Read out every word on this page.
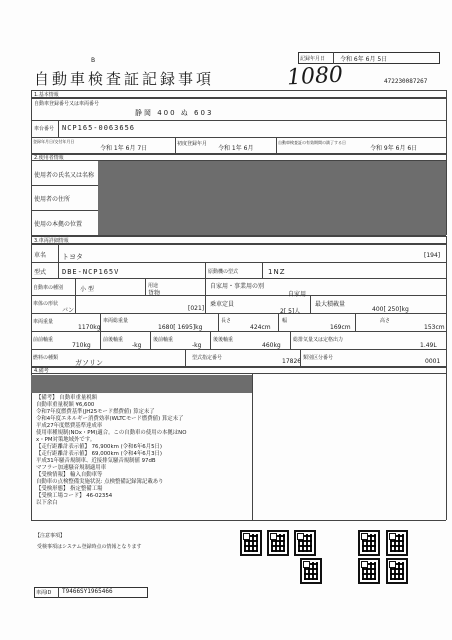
B
自動車検査証記録事項	1080
記録年月日 令和 6年 6月 5日
472230087267
1.基本情報
自動車登録番号又は車両番号
静岡 400 ぬ 603
車台番号 NCP165-0063656
登録年月日/交付年月日
令和 1年 6月 7日
初度登録年月
令和 1年 6月
自動車検査証の有効期間の満了する日
令和 9年 6月 6日
2.使用者情報
使用者の氏名又は名称
使用者の住所
使用の本拠の位置
3.車両詳細情報
車名 トヨタ	[194]
型式 DBE-NCP165V	原動機の型式	1NZ
自動車の種別	小 型	用途
貨物
自家用・事業用の別
自家用
車体の形状
バン	[021]
乗車定員
2[ 5]人
最大積載量
400[ 250]kg
車両重量
1170kg
車両総重量
1680[ 1695]kg
長さ
424cm
幅
169cm
高さ
153cm
前前軸重
710kg
前後軸重
-kg
後前軸重
-kg
後後軸重
460kg
総排気量又は定格出力
1.49L
燃料の種類
ガソリン
型式指定番号	17826 類別区分番号	0001
4.備考
【備考】 自動車重量税額
自動車重量税額 ¥6,600
令和7年度燃費基準(JH25モード燃費値) 算定未了
令和4年度エネルギー消費効率(WLTCモード燃費値) 算定未了
平成27年度燃費基準達成率
使用車種規制(NOx・PM)適合。この自動車の使用の本拠はNO
x・PM対策地域外です。
【走行距離計表示値】 76,900km (令和6年6月5日)
【走行距離計表示値】 69,000km (令和4年6月3日)
平成31年騒音規制車、近接排気騒音規制値 97dB
マフラー加速騒音規制適用車
【受検情報】 輸入自動車等
自動車の点検整備実施状況: 点検整備記録簿記載あり
【受検形態】 指定整備工場
【受検工場コード】 46-02354
以下余白
【注意事項】
受検事項はシステム登録時点の情報となります
車両ID T9466SY1965466
